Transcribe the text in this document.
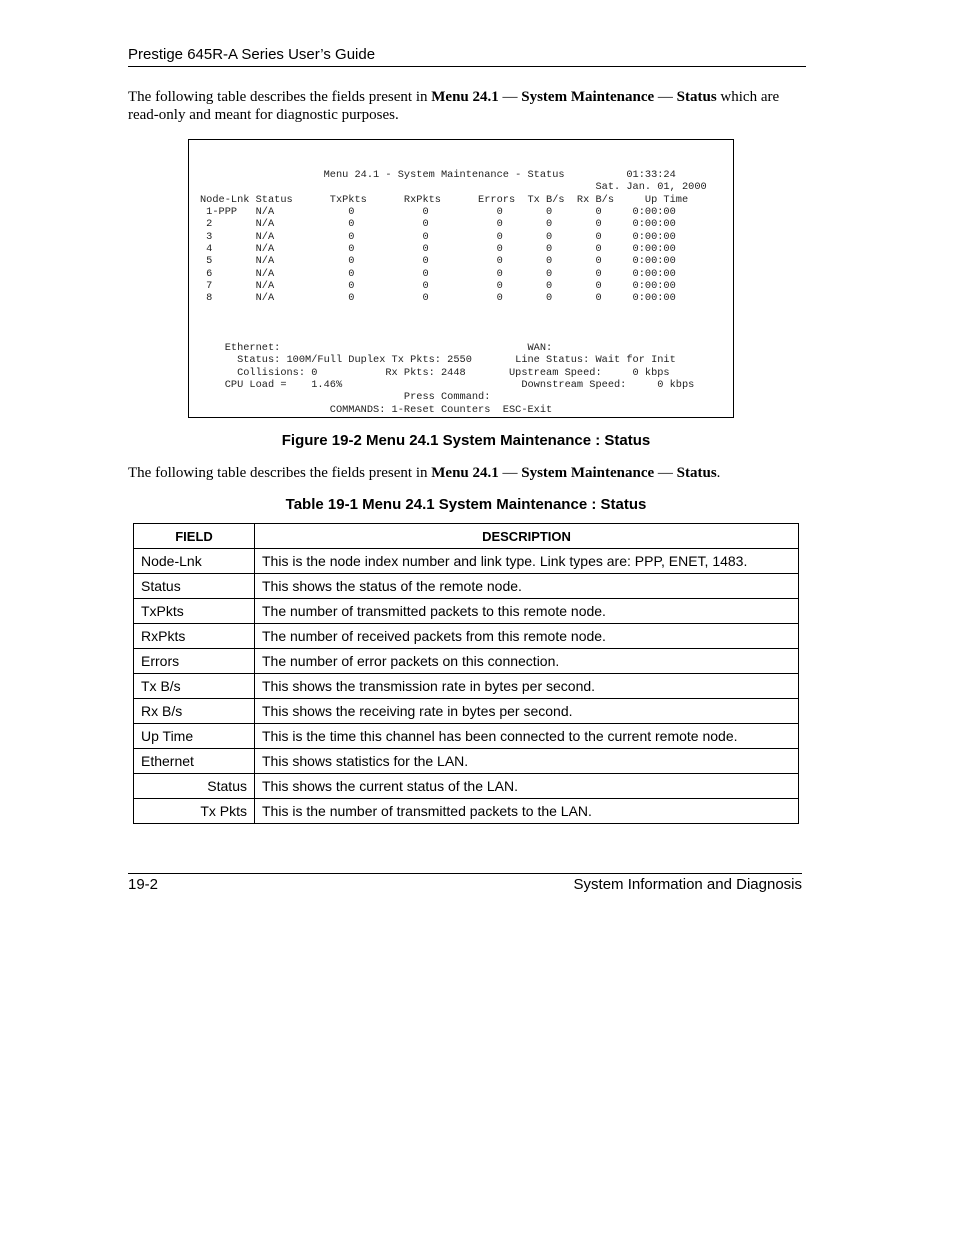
Prestige 645R-A Series User’s Guide
The following table describes the fields present in Menu 24.1 — System Maintenance — Status which are read-only and meant for diagnostic purposes.
Menu 24.1 - System Maintenance - Status          01:33:24
Sat. Jan. 01, 2000
Node-Lnk Status      TxPkts      RxPkts      Errors  Tx B/s  Rx B/s     Up Time
1-PPP   N/A            0           0           0       0       0     0:00:00
2       N/A            0           0           0       0       0     0:00:00
3       N/A            0           0           0       0       0     0:00:00
4       N/A            0           0           0       0       0     0:00:00
5       N/A            0           0           0       0       0     0:00:00
6       N/A            0           0           0       0       0     0:00:00
7       N/A            0           0           0       0       0     0:00:00
8       N/A            0           0           0       0       0     0:00:00

Ethernet:                                        WAN:
Status: 100M/Full Duplex Tx Pkts: 2550       Line Status: Wait for Init
Collisions: 0           Rx Pkts: 2448       Upstream Speed:     0 kbps
CPU Load =    1.46%                             Downstream Speed:     0 kbps
Press Command:
COMMANDS: 1-Reset Counters  ESC-Exit
Figure 19-2 Menu 24.1 System Maintenance : Status
The following table describes the fields present in Menu 24.1 — System Maintenance — Status.
Table 19-1 Menu 24.1 System Maintenance : Status
FIELD	DESCRIPTION
Node-Lnk	This is the node index number and link type. Link types are: PPP, ENET, 1483.
Status	This shows the status of the remote node.
TxPkts	The number of transmitted packets to this remote node.
RxPkts	The number of received packets from this remote node.
Errors	The number of error packets on this connection.
Tx B/s	This shows the transmission rate in bytes per second.
Rx B/s	This shows the receiving rate in bytes per second.
Up Time	This is the time this channel has been connected to the current remote node.
Ethernet	This shows statistics for the LAN.
Status	This shows the current status of the LAN.
Tx Pkts	This is the number of transmitted packets to the LAN.
19-2	System Information and Diagnosis
